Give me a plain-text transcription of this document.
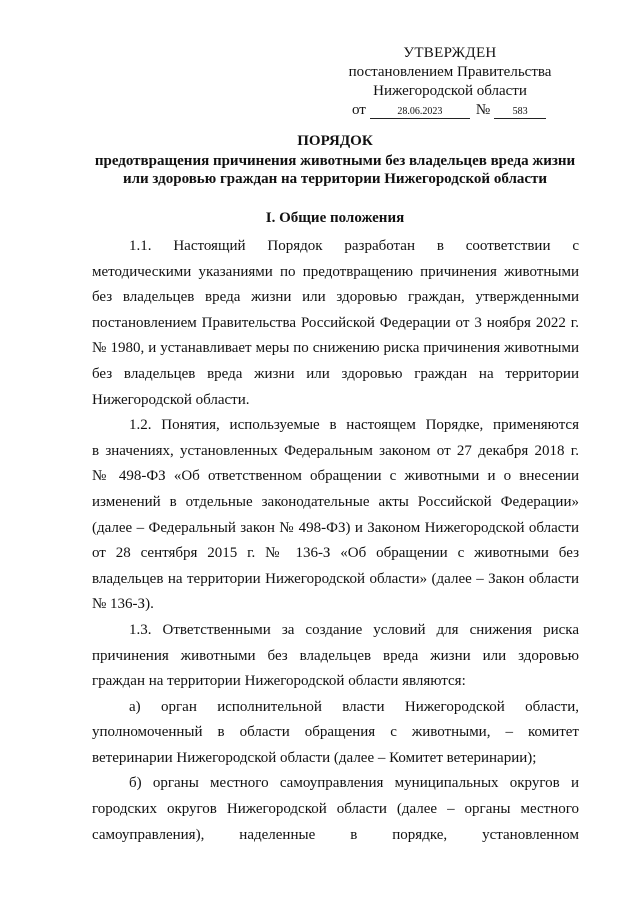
УТВЕРЖДЕН
постановлением Правительства
Нижегородской области
от	28.06.2023 № 583
ПОРЯДОК
предотвращения причинения животными без владельцев вреда жизни
или здоровью граждан на территории Нижегородской области
I. Общие положения
1.1. Настоящий Порядок разработан в соответствии с
методическими указаниями по предотвращению причинения животными
без владельцев вреда жизни или здоровью граждан, утвержденными
постановлением Правительства Российской Федерации от 3 ноября 2022 г.
№ 1980, и устанавливает меры по снижению риска причинения животными
без владельцев вреда жизни или здоровью граждан на территории
Нижегородской области.
1.2. Понятия, используемые в настоящем Порядке, применяются
в значениях, установленных Федеральным законом от 27 декабря 2018 г.
№ 498-ФЗ «Об ответственном обращении с животными и о внесении
изменений в отдельные законодательные акты Российской Федерации»
(далее – Федеральный закон № 498-ФЗ) и Законом Нижегородской области
от 28 сентября 2015 г. № 136-З «Об обращении с животными без
владельцев на территории Нижегородской области» (далее – Закон области
№ 136-З).
1.3. Ответственными за создание условий для снижения риска
причинения животными без владельцев вреда жизни или здоровью
граждан на территории Нижегородской области являются:
а) орган исполнительной власти Нижегородской области,
уполномоченный в области обращения с животными, – комитет
ветеринарии Нижегородской области (далее – Комитет ветеринарии);
б) органы местного самоуправления муниципальных округов и
городских округов Нижегородской области (далее – органы местного
самоуправления), наделенные в порядке, установленном
